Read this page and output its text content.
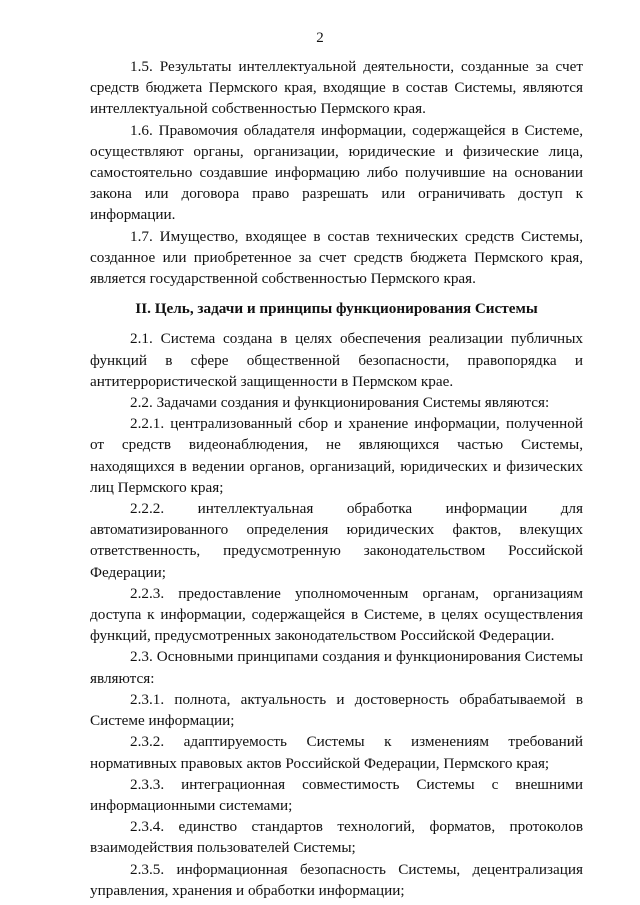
2

1.5. Результаты интеллектуальной деятельности, созданные за счет средств бюджета Пермского края, входящие в состав Системы, являются интеллектуальной собственностью Пермского края.

1.6. Правомочия обладателя информации, содержащейся в Системе, осуществляют органы, организации, юридические и физические лица, самостоятельно создавшие информацию либо получившие на основании закона или договора право разрешать или ограничивать доступ к информации.

1.7. Имущество, входящее в состав технических средств Системы, созданное или приобретенное за счет средств бюджета Пермского края, является государственной собственностью Пермского края.

II. Цель, задачи и принципы функционирования Системы

2.1. Система создана в целях обеспечения реализации публичных функций в сфере общественной безопасности, правопорядка и антитеррористической защищенности в Пермском крае.

2.2. Задачами создания и функционирования Системы являются:

2.2.1. централизованный сбор и хранение информации, полученной от средств видеонаблюдения, не являющихся частью Системы, находящихся в ведении органов, организаций, юридических и физических лиц Пермского края;

2.2.2. интеллектуальная обработка информации для автоматизированного определения юридических фактов, влекущих ответственность, предусмотренную законодательством Российской Федерации;

2.2.3. предоставление уполномоченным органам, организациям доступа к информации, содержащейся в Системе, в целях осуществления функций, предусмотренных законодательством Российской Федерации.

2.3. Основными принципами создания и функционирования Системы являются:

2.3.1. полнота, актуальность и достоверность обрабатываемой в Системе информации;

2.3.2. адаптируемость Системы к изменениям требований нормативных правовых актов Российской Федерации, Пермского края;

2.3.3. интеграционная совместимость Системы с внешними информационными системами;

2.3.4. единство стандартов технологий, форматов, протоколов взаимодействия пользователей Системы;

2.3.5. информационная безопасность Системы, децентрализация управления, хранения и обработки информации;
